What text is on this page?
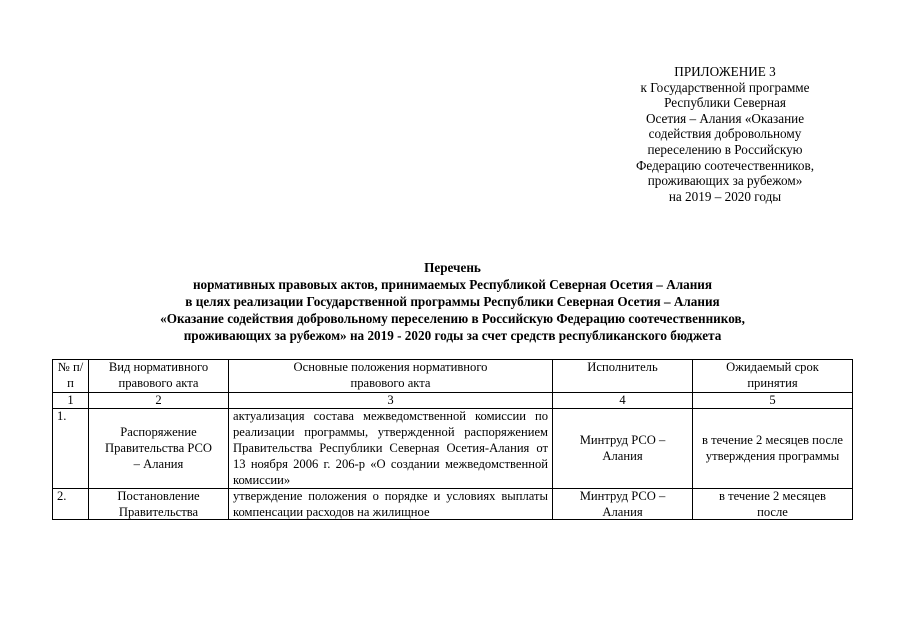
ПРИЛОЖЕНИЕ 3
к Государственной программе
Республики Северная
Осетия – Алания «Оказание
содействия добровольному
переселению в Российскую
Федерацию соотечественников,
проживающих за рубежом»
на 2019 – 2020 годы
Перечень
нормативных правовых актов, принимаемых Республикой Северная Осетия – Алания
в целях реализации Государственной программы Республики Северная Осетия – Алания
«Оказание содействия добровольному переселению в Российскую Федерацию соотечественников,
проживающих за рубежом» на 2019 - 2020 годы за счет средств республиканского бюджета
№ п/п	Вид нормативного правового акта	Основные положения нормативного правового акта	Исполнитель	Ожидаемый срок принятия
1	2	3	4	5
1.	Распоряжение Правительства РСО – Алания	актуализация состава межведомственной комиссии по реализации программы, утвержденной распоряжением Правительства Республики Северная Осетия-Алания от 13 ноября 2006 г. 206-р «О создании межведомственной комиссии»	Минтруд РСО – Алания	в течение 2 месяцев после утверждения программы

2.	Постановление Правительства	утверждение положения о порядке и условиях выплаты компенсации расходов на жилищное	Минтруд РСО – Алания	в течение 2 месяцев после
